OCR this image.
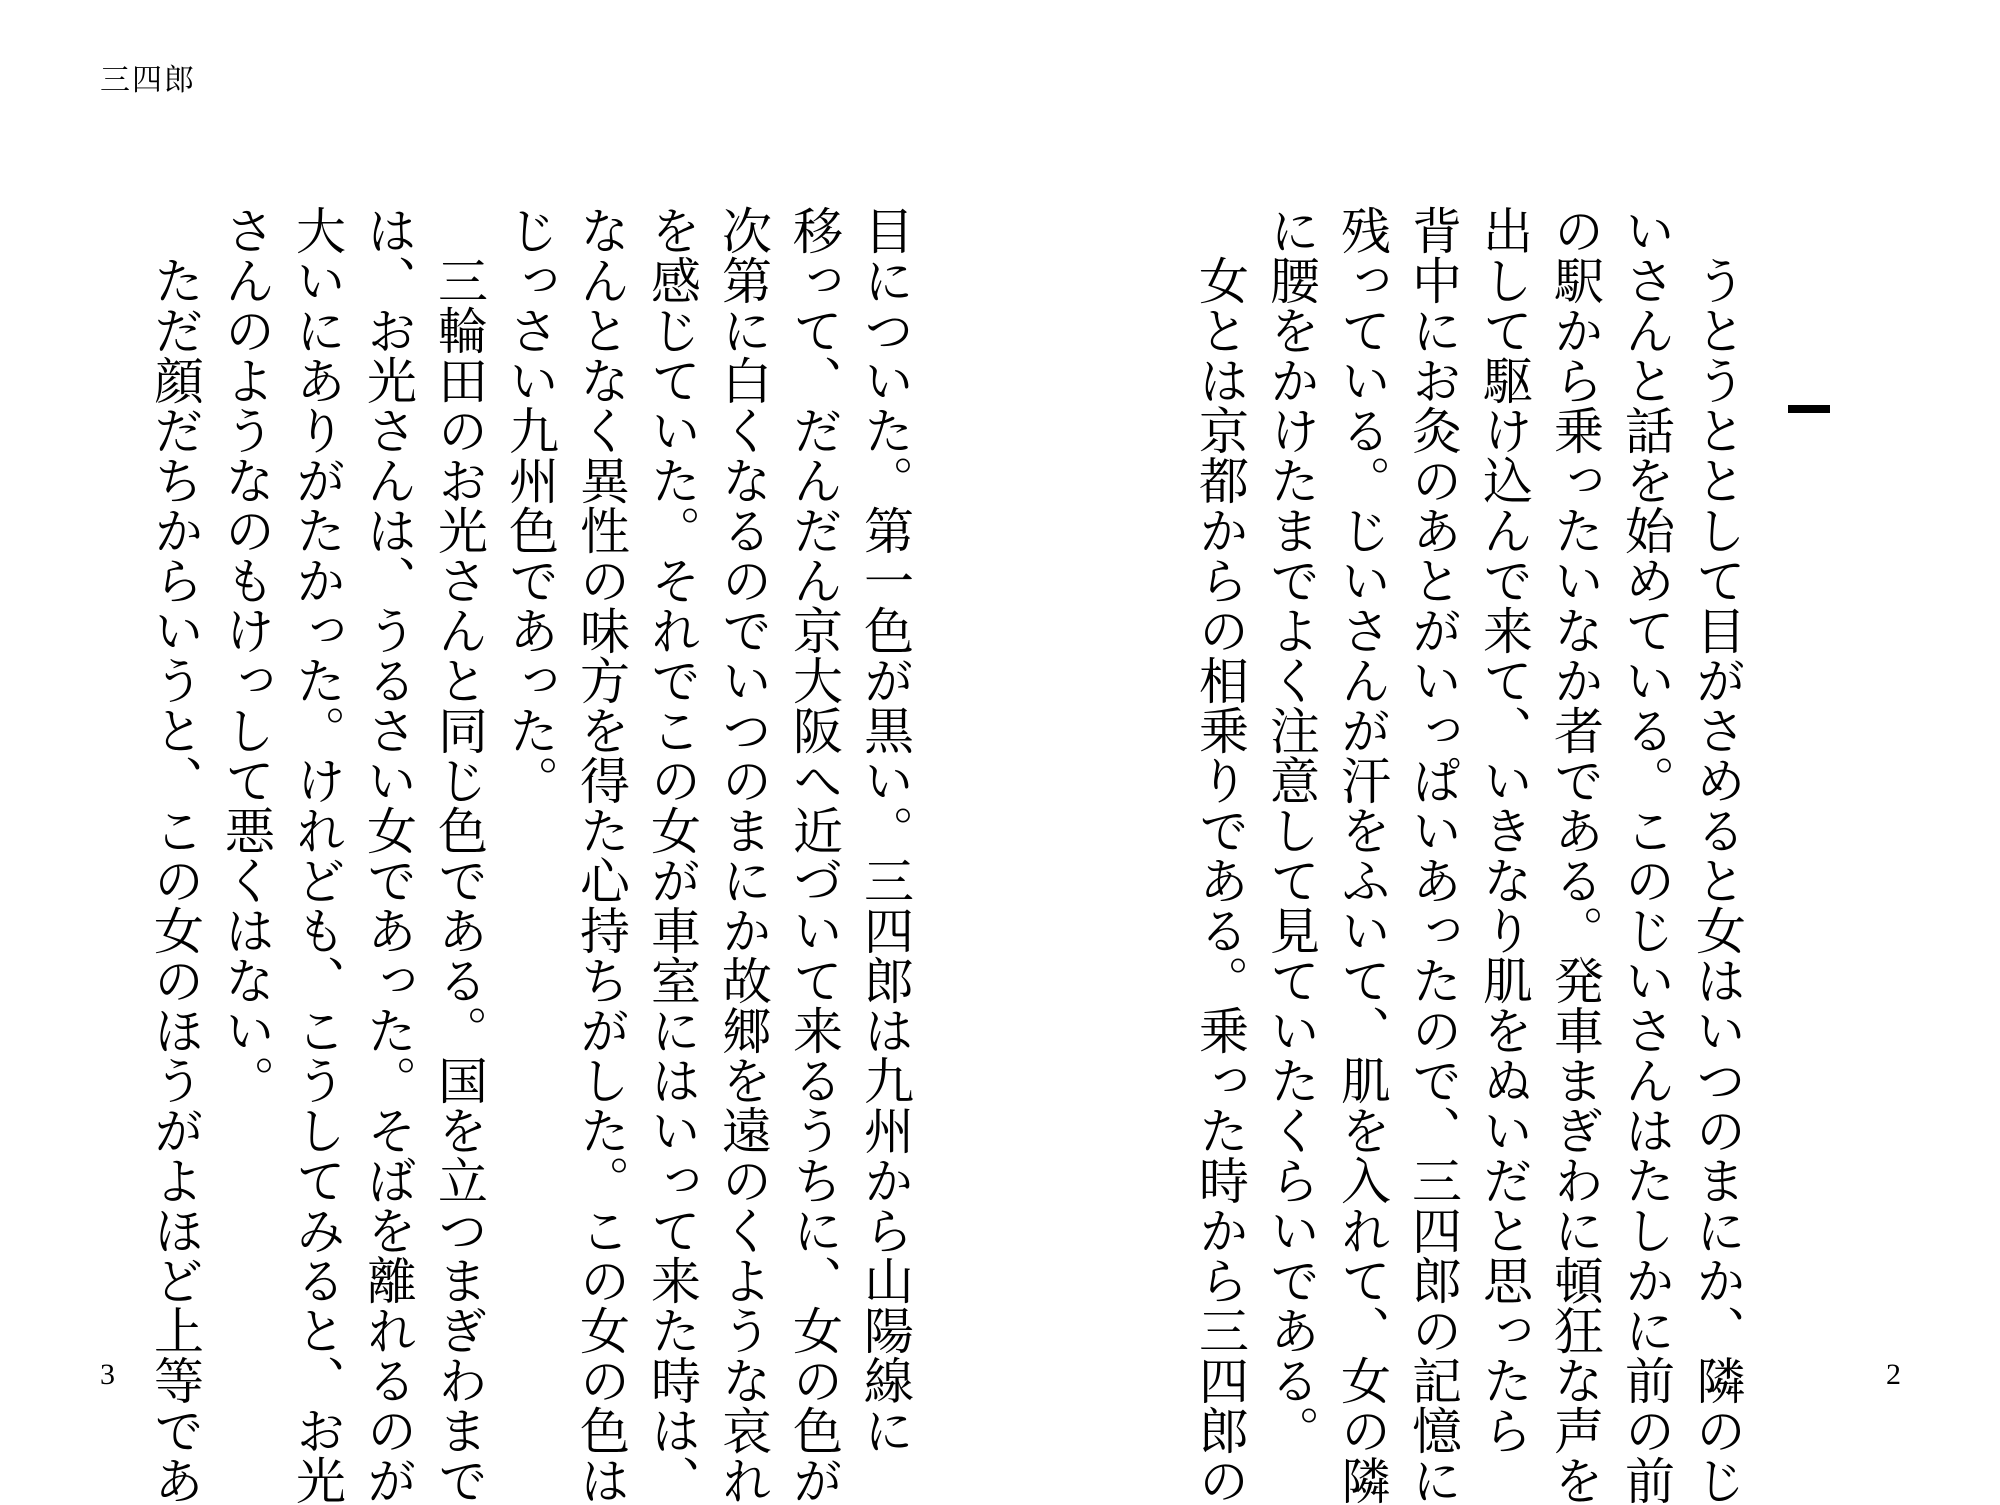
三四郎
うとうととして目がさめると女はいつのまにか、隣のじ
いさんと話を始めている。このじいさんはたしかに前の前
の駅から乗ったいなか者である。発車まぎわに頓狂な声を
出して駆け込んで来て、いきなり肌をぬいだと思ったら
背中にお灸のあとがいっぱいあったので、三四郎の記憶に
残っている。じいさんが汗をふいて、肌を入れて、女の隣
に腰をかけたまでよく注意して見ていたくらいである。
女とは京都からの相乗りである。乗った時から三四郎の
目についた。第一色が黒い。三四郎は九州から山陽線に
移って、だんだん京大阪へ近づいて来るうちに、女の色が
次第に白くなるのでいつのまにか故郷を遠のくような哀れ
を感じていた。それでこの女が車室にはいって来た時は、
なんとなく異性の味方を得た心持ちがした。この女の色は
じっさい九州色であった。
三輪田のお光さんと同じ色である。国を立つまぎわまで
は、お光さんは、うるさい女であった。そばを離れるのが
大いにありがたかった。けれども、こうしてみると、お光
さんのようなのもけっして悪くはない。
ただ顔だちからいうと、この女のほうがよほど上等であ
3	2
